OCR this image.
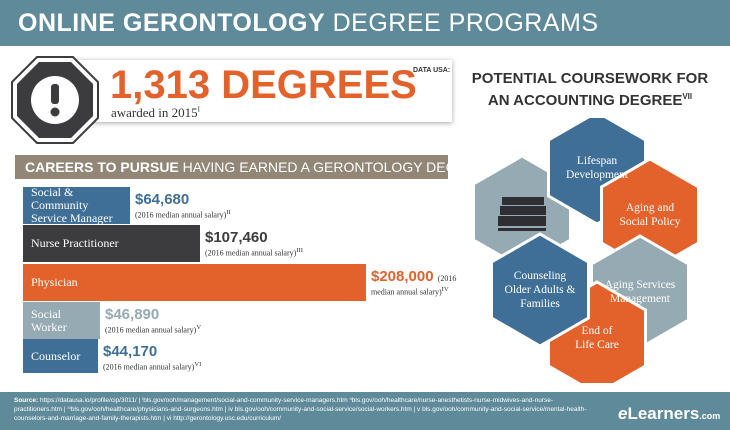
ONLINE GERONTOLOGY DEGREE PROGRAMS
1,313 DEGREES
awarded in $2015^I$
DATA USA:
CAREERS TO PURSUE HAVING EARNED A GERONTOLOGY DEGREE
Social &
Community
Service Manager
$64,680
(2016 median annual salary)$^{II}$
Nurse Practitioner	$107,460
(2016 median annual salary)$^{III}$
Physician	$208,000 (2016
median annual salary)$^{IV}$
Social
Worker
$46,890
(2016 median annual salary)$^V$
Counselor $44,170
(2016 median annual salary)$^{VI}$
POTENTIAL COURSEWORK FOR
AN ACCOUNTING $DEGREE^{VII}$
Lifespan
Development
Aging and
Social Policy
Aging Services
Management
End of
Life Care
Counseling
Older Adults &
Families
Source: https://datausa.io/profile/cip/3011/ | ⁱbls.gov/ooh/management/social-and-community-service-managers.htm ⁱⁱbls.gov/ooh/healthcare/nurse-anesthetists-nurse-midwives-and-nurse-practitioners.htm | ⁱⁱⁱbls.gov/ooh/healthcare/physicians-and-surgeons.htm | iv bls.gov/ooh/community-and-social-service/social-workers.htm | v bls.gov/ooh/community-and-social-service/mental-health-counselors-and-marriage-and-family-therapists.htm | vi http://gerontology.usc.edu/curriculum/	eLearners.com
